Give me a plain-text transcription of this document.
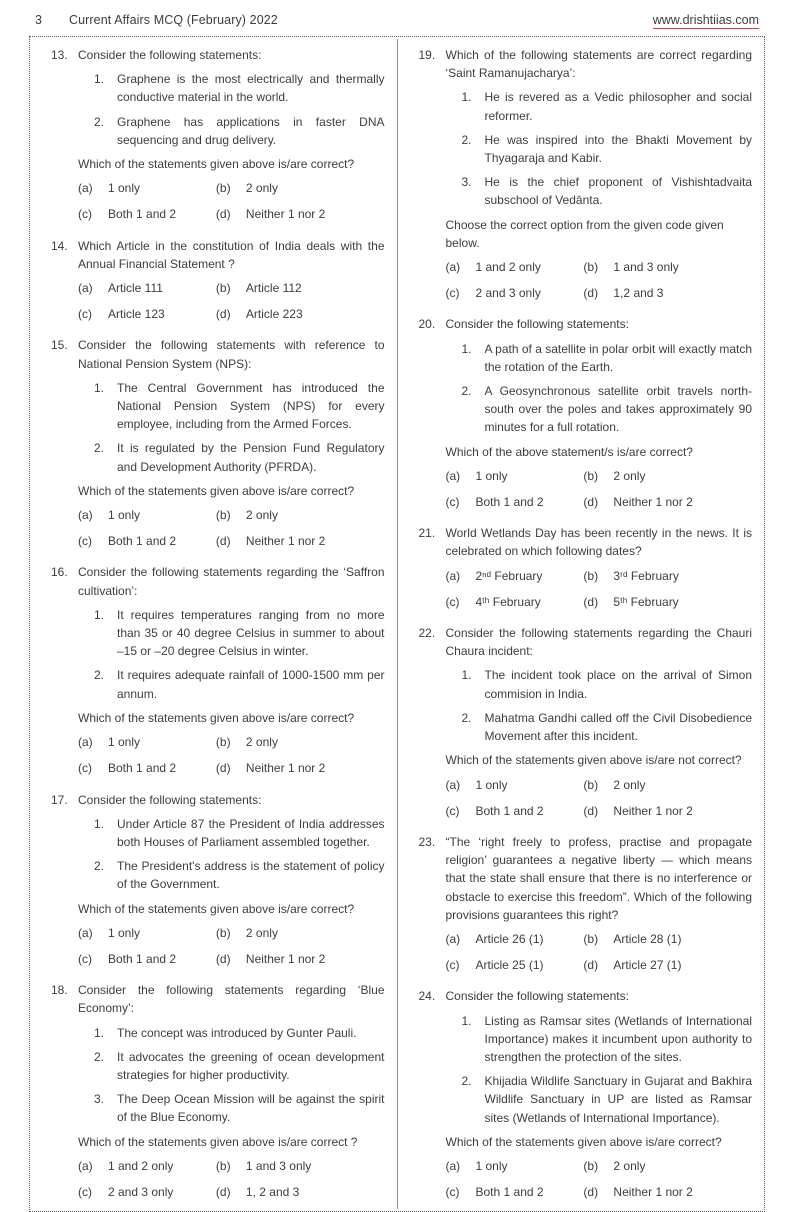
3 Current Affairs MCQ (February) 2022	www.drishtiias.com
13. Consider the following statements:
1.	Graphene is the most electrically and thermally conductive material in the world.
2.	Graphene has applications in faster DNA sequencing and drug delivery.
Which of the statements given above is/are correct?
(a)	1 only	(b)	2 only
(c)	Both 1 and 2	(d)	Neither 1 nor 2
14. Which Article in the constitution of India deals with the Annual Financial Statement ?
(a)	Article 111	(b)	Article 112
(c)	Article 123	(d)	Article 223
15. Consider the following statements with reference to National Pension System (NPS):
1.	The Central Government has introduced the National Pension System (NPS) for every employee, including from the Armed Forces.
2.	It is regulated by the Pension Fund Regulatory and Development Authority (PFRDA).
Which of the statements given above is/are correct?
(a)	1 only	(b)	2 only
(c)	Both 1 and 2	(d)	Neither 1 nor 2
16. Consider the following statements regarding the ‘Saffron cultivation’:
1.	It requires temperatures ranging from no more than 35 or 40 degree Celsius in summer to about –15 or –20 degree Celsius in winter.
2.	It requires adequate rainfall of 1000-1500 mm per annum.
Which of the statements given above is/are correct?
(a)	1 only	(b)	2 only
(c)	Both 1 and 2	(d)	Neither 1 nor 2
17. Consider the following statements:
1.	Under Article 87 the President of India addresses both Houses of Parliament assembled together.
2.	The President's address is the statement of policy of the Government.
Which of the statements given above is/are correct?
(a)	1 only	(b)	2 only
(c)	Both 1 and 2	(d)	Neither 1 nor 2
18. Consider the following statements regarding ‘Blue Economy’:
1.	The concept was introduced by Gunter Pauli.
2.	It advocates the greening of ocean development strategies for higher productivity.
3.	The Deep Ocean Mission will be against the spirit of the Blue Economy.
Which of the statements given above is/are correct ?
(a)	1 and 2 only	(b)	1 and 3 only
(c)	2 and 3 only	(d)	1, 2 and 3
19. Which of the following statements are correct regarding ‘Saint Ramanujacharya’:
1.	He is revered as a Vedic philosopher and social reformer.
2.	He was inspired into the Bhakti Movement by Thyagaraja and Kabir.
3.	He is the chief proponent of Vishishtadvaita subschool of Vedānta.
Choose the correct option from the given code given below.
(a)	1 and 2 only	(b)	1 and 3 only
(c)	2 and 3 only	(d)	1,2 and 3
20. Consider the following statements:
1.	A path of a satellite in polar orbit will exactly match the rotation of the Earth.
2.	A Geosynchronous satellite orbit travels north-south over the poles and takes approximately 90 minutes for a full rotation.
Which of the above statement/s is/are correct?
(a)	1 only	(b)	2 only
(c)	Both 1 and 2	(d)	Neither 1 nor 2
21. World Wetlands Day has been recently in the news. It is celebrated on which following dates?
(a)	2ⁿᵈ February	(b)	3ʳᵈ February
(c)	4ᵗʰ February	(d)	5ᵗʰ February
22. Consider the following statements regarding the Chauri Chaura incident:
1.	The incident took place on the arrival of Simon commision in India.
2.	Mahatma Gandhi called off the Civil Disobedience Movement after this incident.
Which of the statements given above is/are not correct?
(a)	1 only	(b)	2 only
(c)	Both 1 and 2	(d)	Neither 1 nor 2
23. “The ‘right freely to profess, practise and propagate religion’ guarantees a negative liberty — which means that the state shall ensure that there is no interference or obstacle to exercise this freedom”. Which of the following provisions guarantees this right?
(a)	Article 26 (1)	(b)	Article 28 (1)
(c)	Article 25 (1)	(d)	Article 27 (1)
24. Consider the following statements:
1.	Listing as Ramsar sites (Wetlands of International Importance) makes it incumbent upon authority to strengthen the protection of the sites.
2.	Khijadia Wildlife Sanctuary in Gujarat and Bakhira Wildlife Sanctuary in UP are listed as Ramsar sites (Wetlands of International Importance).
Which of the statements given above is/are correct?
(a)	1 only	(b)	2 only
(c)	Both 1 and 2	(d)	Neither 1 nor 2
